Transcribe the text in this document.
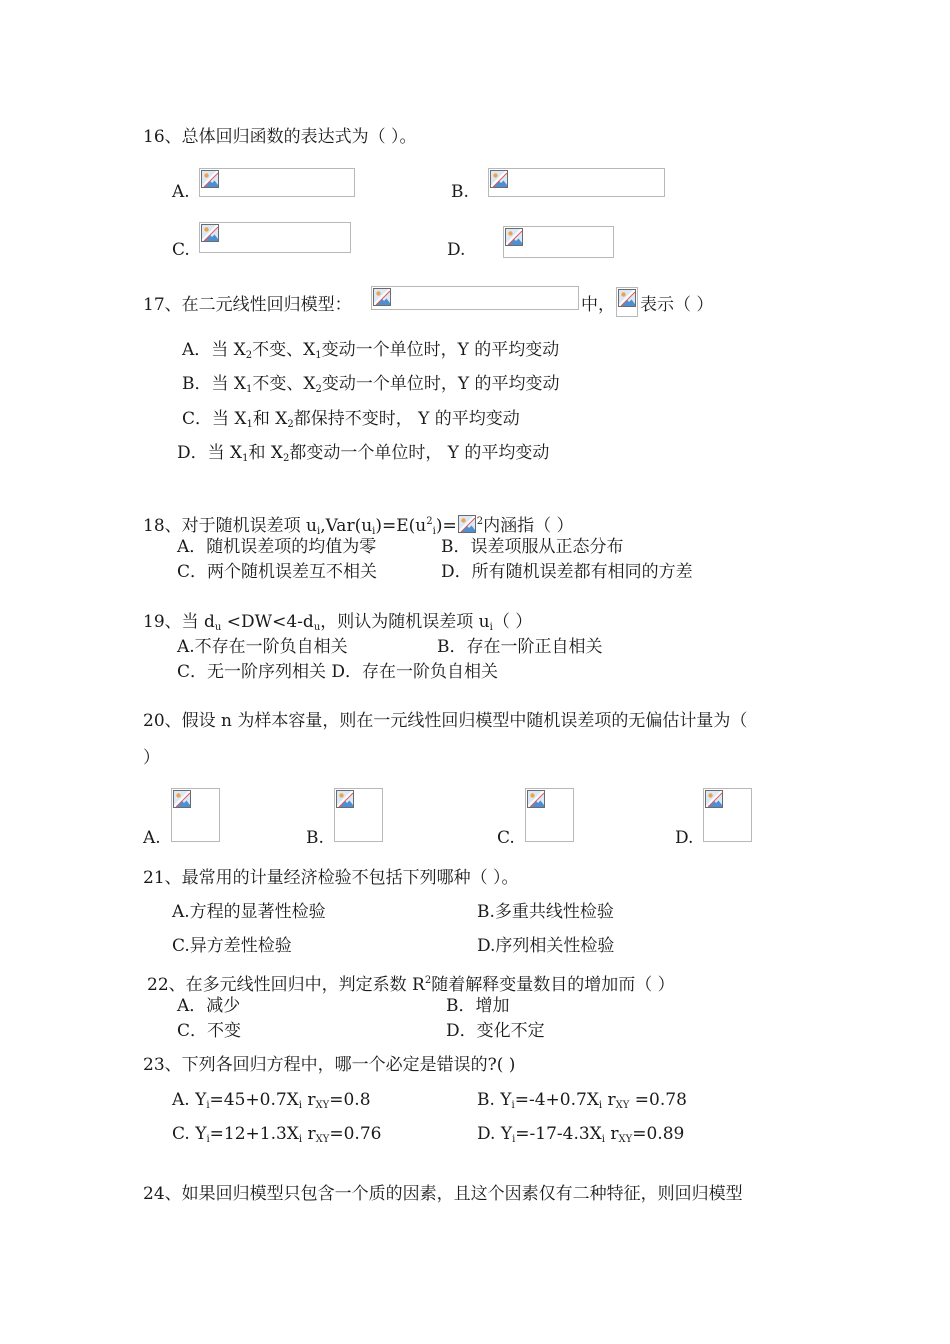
16、总体回归函数的表达式为（ ）。
A.	B.
C.	D.
17、在二元线性回归模型：	中， 表示（ ）
A．当 $X_2$不变、$X_1$变动一个单位时，Y 的平均变动
B．当 $X_1$不变、$X_2$变动一个单位时，Y 的平均变动
C．当 $X_1$和 $X_2$都保持不变时， Y 的平均变动
D．当 $X_1$和 $X_2$都变动一个单位时， Y 的平均变动
18、对于随机误差项 $u_i,Var(u_i)=E(u^2_i)= ^2$内涵指（ ）
A．随机误差项的均值为零	B．误差项服从正态分布
C．两个随机误差互不相关	D．所有随机误差都有相同的方差
19、当 $d_u <DW<4-d_u$，则认为随机误差项 $u_i$（ ）
A.不存在一阶负自相关	B．存在一阶正自相关
C．无一阶序列相关 D．存在一阶负自相关
20、假设 n 为样本容量，则在一元线性回归模型中随机误差项的无偏估计量为（
）
A.	B.	C.	D.
21、最常用的计量经济检验不包括下列哪种（ ）。
A.方程的显著性检验	B.多重共线性检验
C.异方差性检验	D.序列相关性检验
22、在多元线性回归中，判定系数 $R^2$随着解释变量数目的增加而（ ）
A．减少	B．增加
C．不变	D．变化不定
23、下列各回归方程中，哪一个必定是错误的?( )
A. $Y_i=45+0.7X_i$ $r_{XY}=0.8$	B. $Y_i=-4+0.7X_i$ $r_{XY} =0.78$
C. $Y_i=12+1.3X_i$ $r_{XY}=0.76$	D. $Y_i=-17-4.3X_i$ $r_{XY}=0.89$
24、如果回归模型只包含一个质的因素，且这个因素仅有二种特征，则回归模型
